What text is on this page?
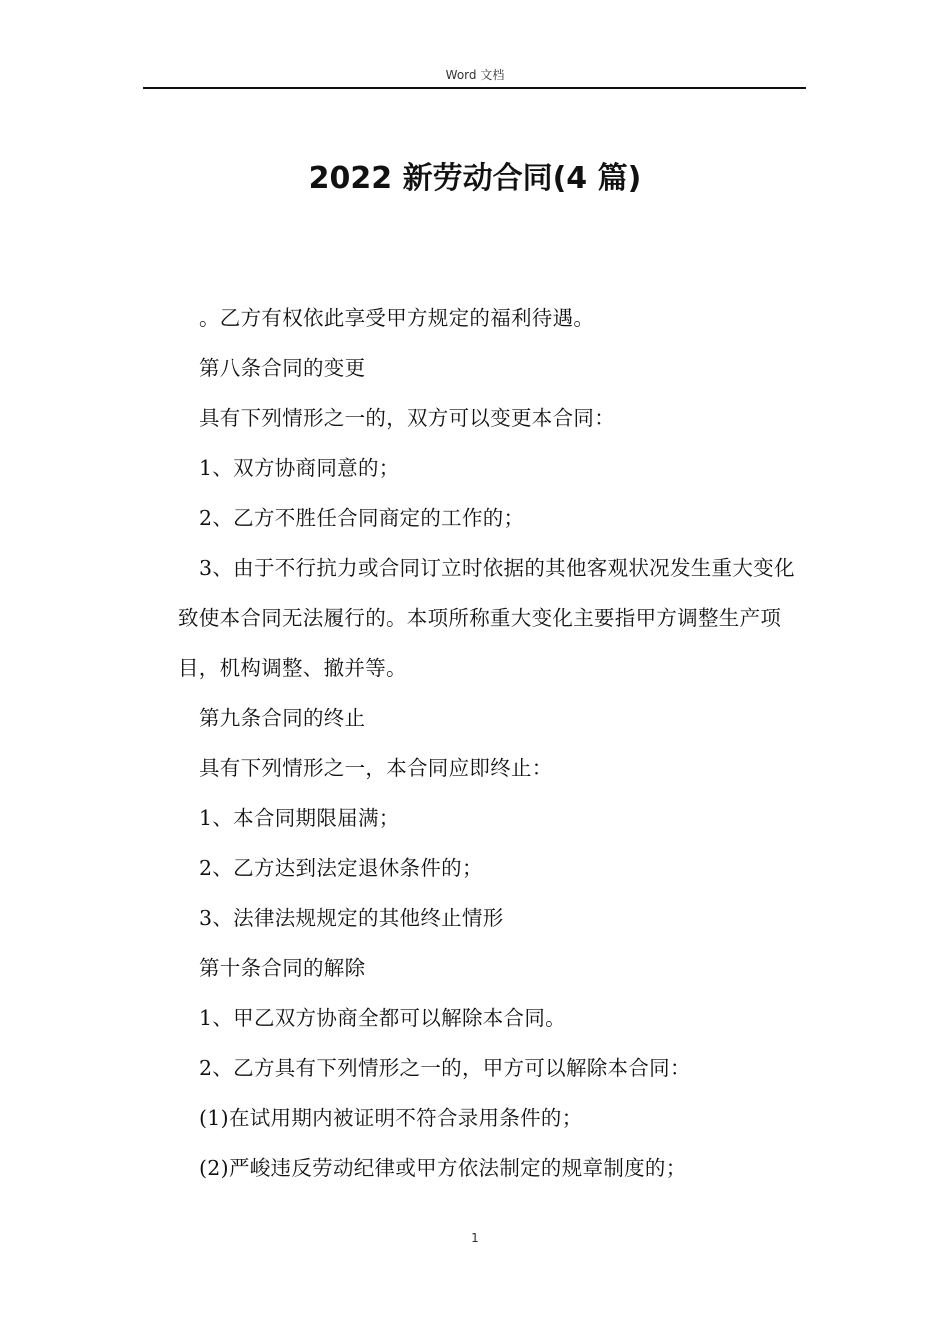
Word 文档
2022 新劳动合同(4 篇)

。乙方有权依此享受甲方规定的福利待遇。

第八条合同的变更

具有下列情形之一的，双方可以变更本合同：

1、双方协商同意的；

2、乙方不胜任合同商定的工作的；

3、由于不行抗力或合同订立时依据的其他客观状况发生重大变化致使本合同无法履行的。本项所称重大变化主要指甲方调整生产项目，机构调整、撤并等。

第九条合同的终止

具有下列情形之一，本合同应即终止：

1、本合同期限届满；

2、乙方达到法定退休条件的；

3、法律法规规定的其他终止情形

第十条合同的解除

1、甲乙双方协商全都可以解除本合同。

2、乙方具有下列情形之一的，甲方可以解除本合同：

(1)在试用期内被证明不符合录用条件的；

(2)严峻违反劳动纪律或甲方依法制定的规章制度的；

1
